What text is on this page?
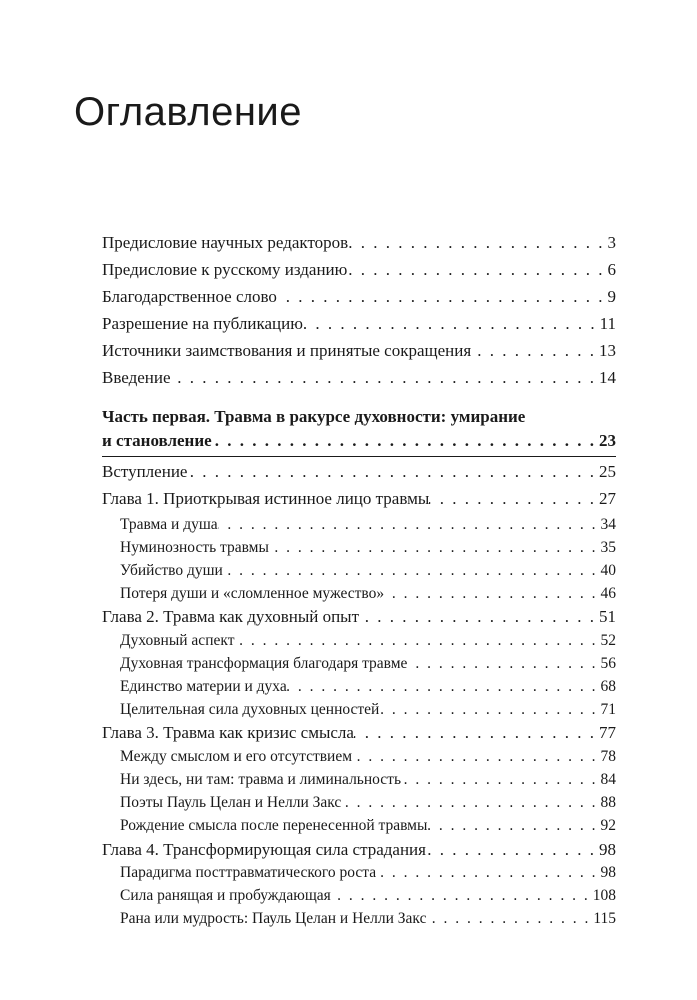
Оглавление
Предисловие научных редакторов . . .	3
Предисловие к русскому изданию . . .	6
Благодарственное слово . . .	9
Разрешение на публикацию . . .	11
Источники заимствования и принятые сокращения . . .	13
Введение . . .	14
Часть первая. Травма в ракурсе духовности: умирание
и становление . . .	23
Вступление . . .	25
Глава 1. Приоткрывая истинное лицо травмы . . .	27
Травма и душа . . .	34
Нуминозность травмы . . .	35
Убийство души . . .	40
Потеря души и «сломленное мужество» . . .	46
Глава 2. Травма как духовный опыт . . .	51
Духовный аспект . . .	52
Духовная трансформация благодаря травме . . .	56
Единство материи и духа . . .	68
Целительная сила духовных ценностей . . .	71
Глава 3. Травма как кризис смысла . . .	77
Между смыслом и его отсутствием . . .	78
Ни здесь, ни там: травма и лиминальность . . .	84
Поэты Пауль Целан и Нелли Закс . . .	88
Рождение смысла после перенесенной травмы . . .	92
Глава 4. Трансформирующая сила страдания . . .	98
Парадигма посттравматического роста . . .	98
Сила ранящая и пробуждающая . . .	108
Рана или мудрость: Пауль Целан и Нелли Закс . . .	115
